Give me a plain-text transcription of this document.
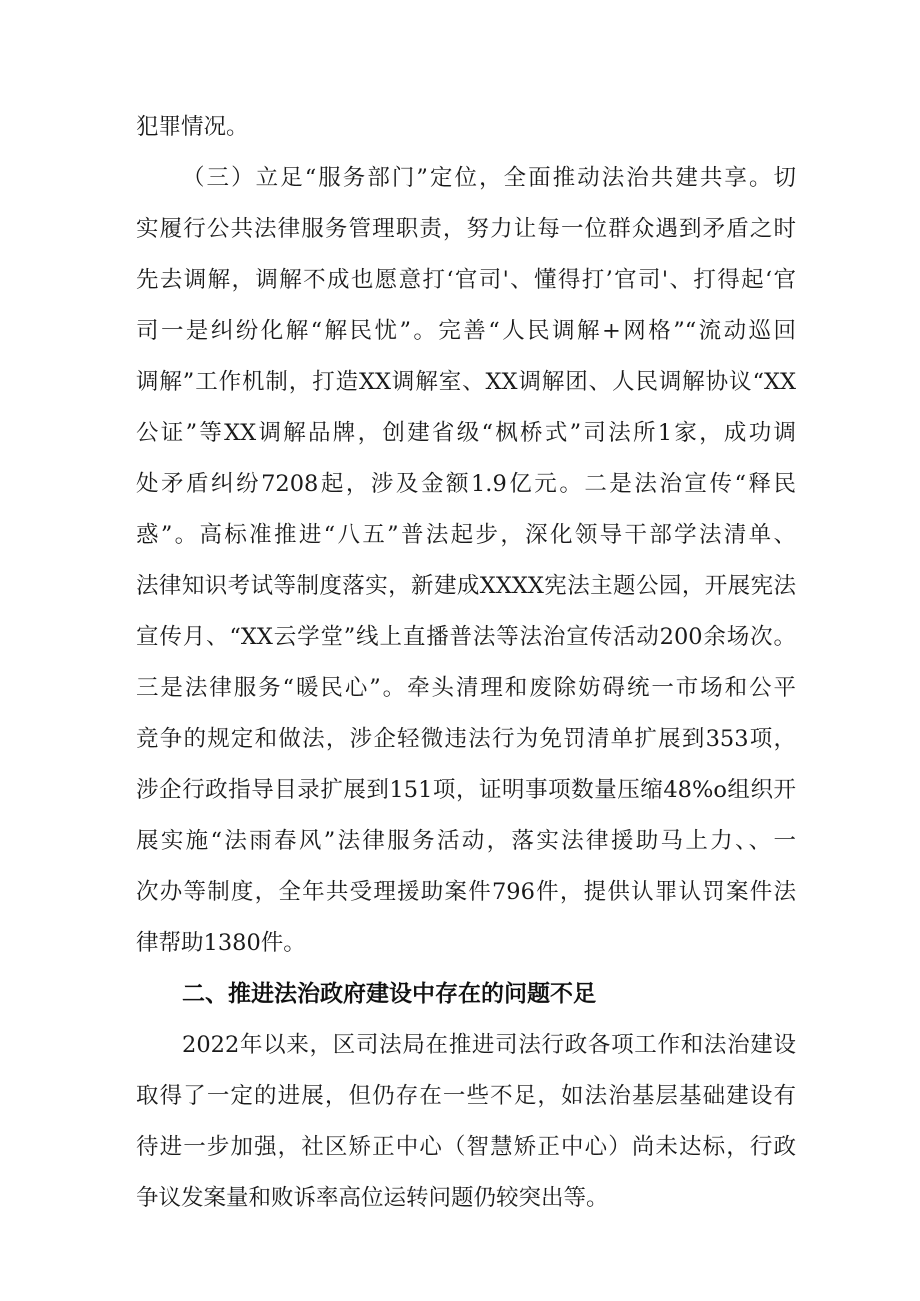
犯罪情况。
（三）立足“服务部门”定位，全面推动法治共建共享。切
实履行公共法律服务管理职责，努力让每一位群众遇到矛盾之时
先去调解，调解不成也愿意打‘官司'、懂得打’官司'、打得起‘官
司一是纠纷化解“解民忧”。完善“人民调解+网格”“流动巡回
调解”工作机制，打造XX调解室、XX调解团、人民调解协议“XX
公证”等XX调解品牌，创建省级“枫桥式”司法所1家，成功调
处矛盾纠纷7208起，涉及金额1.9亿元。二是法治宣传“释民
惑”。高标准推进“八五”普法起步，深化领导干部学法清单、
法律知识考试等制度落实，新建成XXXX宪法主题公园，开展宪法
宣传月、“XX云学堂”线上直播普法等法治宣传活动200余场次。
三是法律服务“暖民心”。牵头清理和废除妨碍统一市场和公平
竞争的规定和做法，涉企轻微违法行为免罚清单扩展到353项，
涉企行政指导目录扩展到151项，证明事项数量压缩48%o组织开
展实施“法雨春风”法律服务活动，落实法律援助马上力、、一
次办等制度，全年共受理援助案件796件，提供认罪认罚案件法
律帮助1380件。
二、推进法治政府建设中存在的问题不足
2022年以来，区司法局在推进司法行政各项工作和法治建设
取得了一定的进展，但仍存在一些不足，如法治基层基础建设有
待进一步加强，社区矫正中心（智慧矫正中心）尚未达标，行政
争议发案量和败诉率高位运转问题仍较突出等。
